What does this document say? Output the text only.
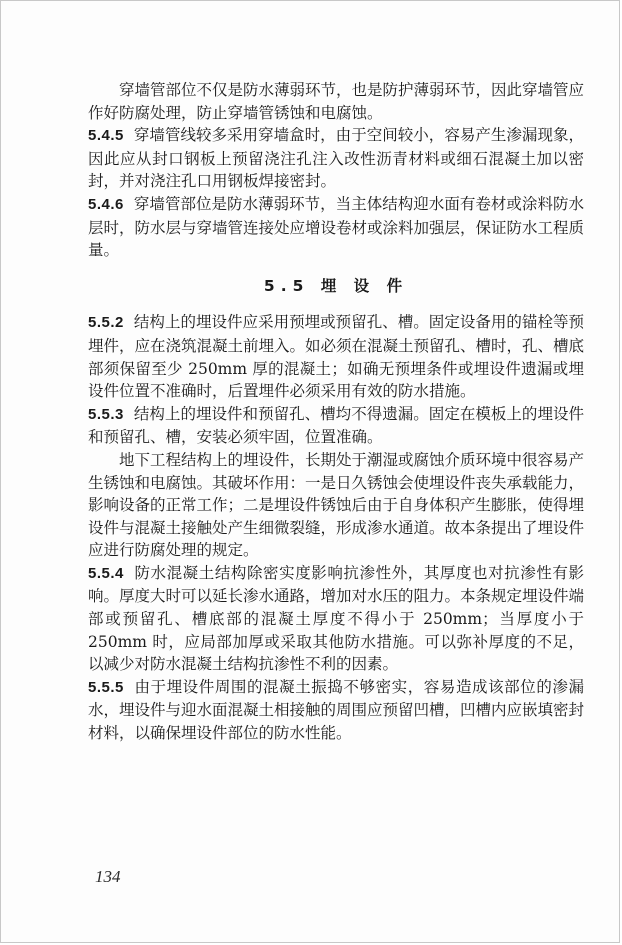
穿墙管部位不仅是防水薄弱环节，也是防护薄弱环节，因此穿墙管应作好防腐处理，防止穿墙管锈蚀和电腐蚀。

5.4.5 穿墙管线较多采用穿墙盒时，由于空间较小，容易产生渗漏现象，因此应从封口钢板上预留浇注孔注入改性沥青材料或细石混凝土加以密封，并对浇注孔口用钢板焊接密封。

5.4.6 穿墙管部位是防水薄弱环节，当主体结构迎水面有卷材或涂料防水层时，防水层与穿墙管连接处应增设卷材或涂料加强层，保证防水工程质量。

5.5 埋 设 件

5.5.2 结构上的埋设件应采用预埋或预留孔、槽。固定设备用的锚栓等预埋件，应在浇筑混凝土前埋入。如必须在混凝土预留孔、槽时，孔、槽底部须保留至少 250mm 厚的混凝土；如确无预埋条件或埋设件遗漏或埋设件位置不准确时，后置埋件必须采用有效的防水措施。

5.5.3 结构上的埋设件和预留孔、槽均不得遗漏。固定在模板上的埋设件和预留孔、槽，安装必须牢固，位置准确。

地下工程结构上的埋设件，长期处于潮湿或腐蚀介质环境中很容易产生锈蚀和电腐蚀。其破坏作用：一是日久锈蚀会使埋设件丧失承载能力，影响设备的正常工作；二是埋设件锈蚀后由于自身体积产生膨胀，使得埋设件与混凝土接触处产生细微裂缝，形成渗水通道。故本条提出了埋设件应进行防腐处理的规定。

5.5.4 防水混凝土结构除密实度影响抗渗性外，其厚度也对抗渗性有影响。厚度大时可以延长渗水通路，增加对水压的阻力。本条规定埋设件端部或预留孔、槽底部的混凝土厚度不得小于 250mm；当厚度小于 250mm 时，应局部加厚或采取其他防水措施。可以弥补厚度的不足，以减少对防水混凝土结构抗渗性不利的因素。

5.5.5 由于埋设件周围的混凝土振捣不够密实，容易造成该部位的渗漏水，埋设件与迎水面混凝土相接触的周围应预留凹槽，凹槽内应嵌填密封材料，以确保埋设件部位的防水性能。

134
